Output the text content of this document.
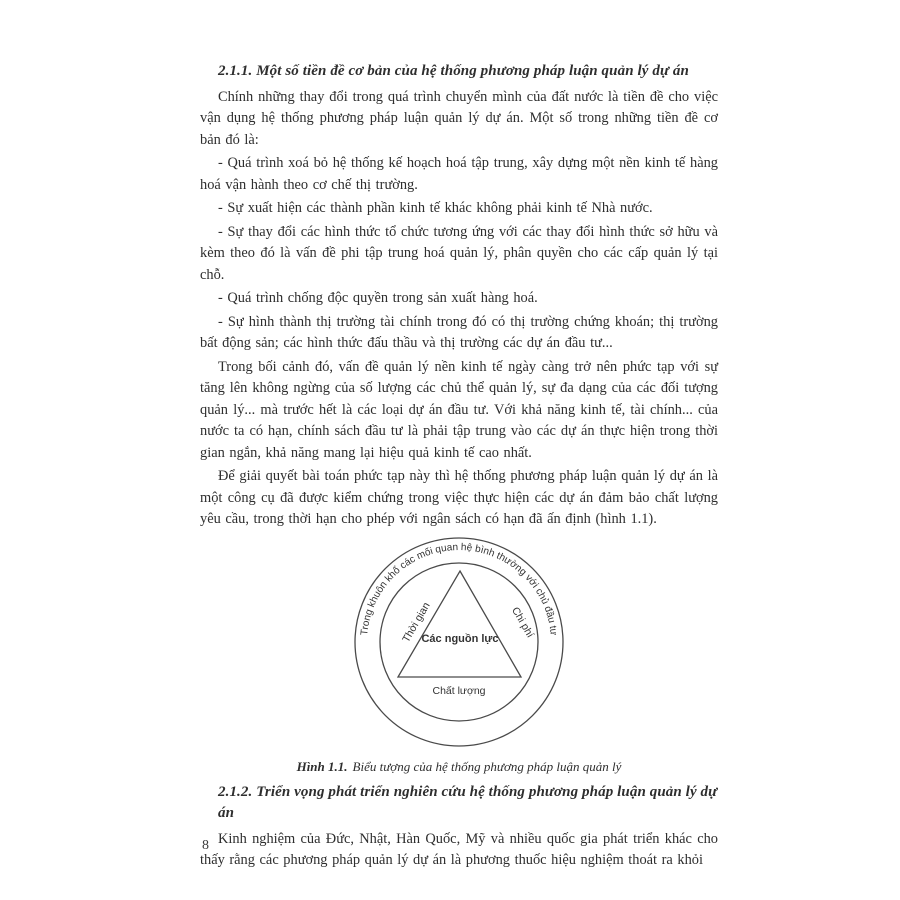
2.1.1. Một số tiền đề cơ bản của hệ thống phương pháp luận quản lý dự án

Chính những thay đổi trong quá trình chuyển mình của đất nước là tiền đề cho việc vận dụng hệ thống phương pháp luận quản lý dự án. Một số trong những tiền đề cơ bản đó là:

- Quá trình xoá bỏ hệ thống kế hoạch hoá tập trung, xây dựng một nền kinh tế hàng hoá vận hành theo cơ chế thị trường.

- Sự xuất hiện các thành phần kinh tế khác không phải kinh tế Nhà nước.

- Sự thay đổi các hình thức tổ chức tương ứng với các thay đổi hình thức sở hữu và kèm theo đó là vấn đề phi tập trung hoá quản lý, phân quyền cho các cấp quản lý tại chỗ.

- Quá trình chống độc quyền trong sản xuất hàng hoá.

- Sự hình thành thị trường tài chính trong đó có thị trường chứng khoán; thị trường bất động sản; các hình thức đấu thầu và thị trường các dự án đầu tư...

Trong bối cảnh đó, vấn đề quản lý nền kinh tế ngày càng trở nên phức tạp với sự tăng lên không ngừng của số lượng các chủ thể quản lý, sự đa dạng của các đối tượng quản lý... mà trước hết là các loại dự án đầu tư. Với khả năng kinh tế, tài chính... của nước ta có hạn, chính sách đầu tư là phải tập trung vào các dự án thực hiện trong thời gian ngắn, khả năng mang lại hiệu quả kinh tế cao nhất.

Để giải quyết bài toán phức tạp này thì hệ thống phương pháp luận quản lý dự án là một công cụ đã được kiểm chứng trong việc thực hiện các dự án đảm bảo chất lượng yêu cầu, trong thời hạn cho phép với ngân sách có hạn đã ấn định (hình 1.1).

Trong khuôn khổ các mối quan hệ bình thường với chủ đầu tư
Thời gian	Chi phí
Các nguồn lực
Chất lượng
Hình 1.1. Biểu tượng của hệ thống phương pháp luận quản lý
2.1.2. Triển vọng phát triển nghiên cứu hệ thống phương pháp luận quản lý dự án

Kinh nghiệm của Đức, Nhật, Hàn Quốc, Mỹ và nhiều quốc gia phát triển khác cho thấy rằng các phương pháp quản lý dự án là phương thuốc hiệu nghiệm thoát ra khỏi

8
